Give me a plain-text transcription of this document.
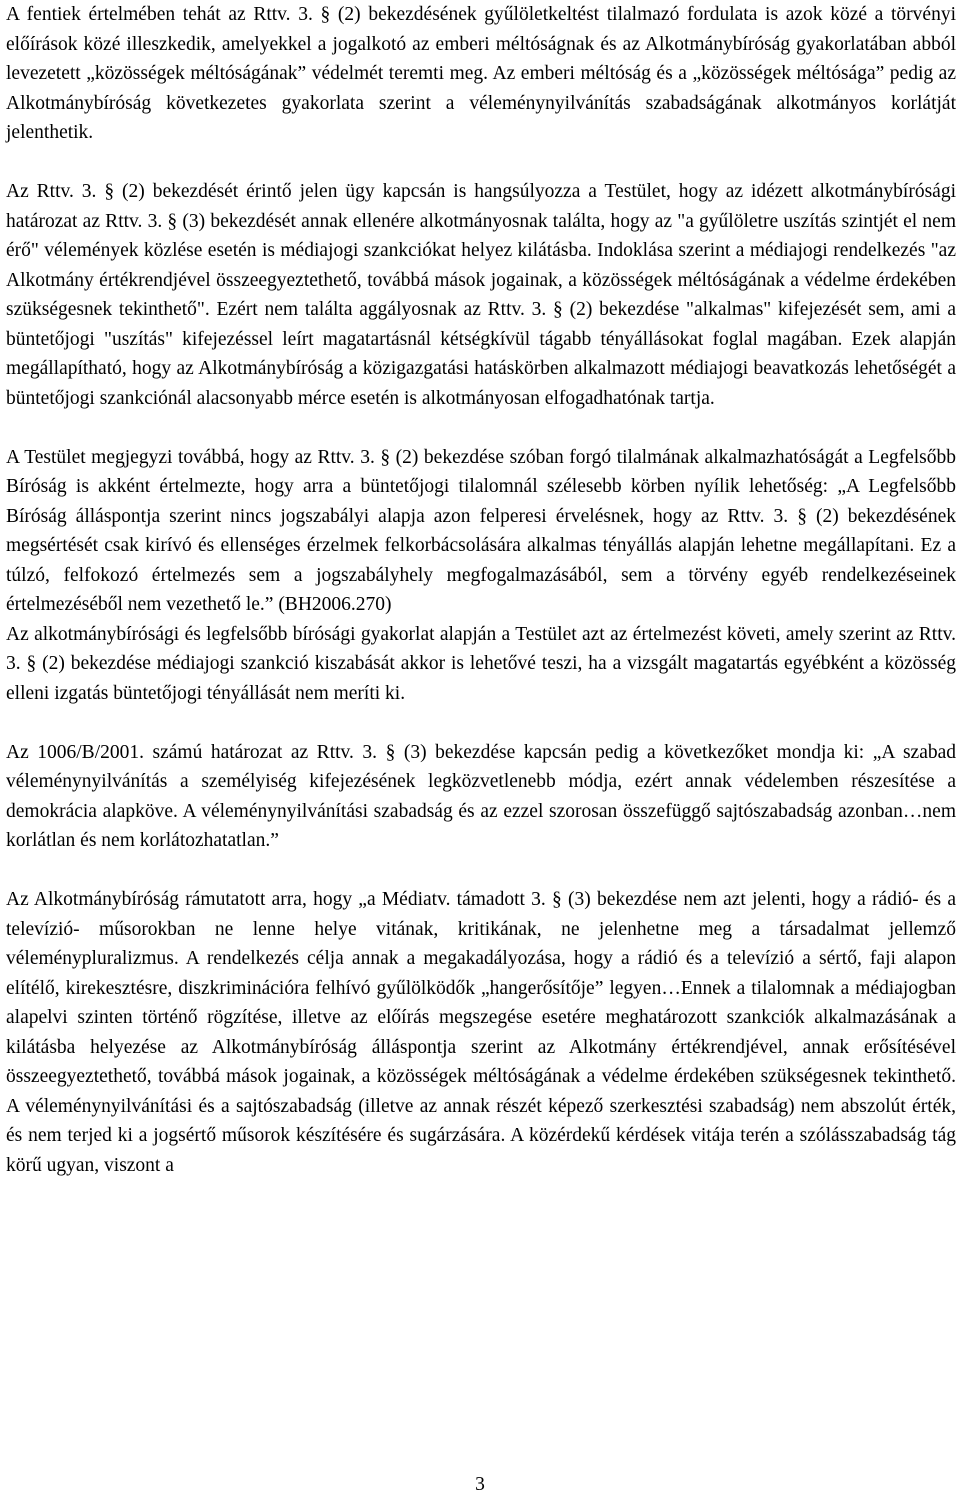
A fentiek értelmében tehát az Rttv. 3. § (2) bekezdésének gyűlöletkeltést tilalmazó fordulata is azok közé a törvényi előírások közé illeszkedik, amelyekkel a jogalkotó az emberi méltóságnak és az Alkotmánybíróság gyakorlatában abból levezetett „közösségek méltóságának” védelmét teremti meg. Az emberi méltóság és a „közösségek méltósága” pedig az Alkotmánybíróság következetes gyakorlata szerint a véleménynyilvánítás szabadságának alkotmányos korlátját jelenthetik.

Az Rttv. 3. § (2) bekezdését érintő jelen ügy kapcsán is hangsúlyozza a Testület, hogy az idézett alkotmánybírósági határozat az Rttv. 3. § (3) bekezdését annak ellenére alkotmányosnak találta, hogy az "a gyűlöletre uszítás szintjét el nem érő" vélemények közlése esetén is médiajogi szankciókat helyez kilátásba. Indoklása szerint a médiajogi rendelkezés "az Alkotmány értékrendjével összeegyeztethető, továbbá mások jogainak, a közösségek méltóságának a védelme érdekében szükségesnek tekinthető". Ezért nem találta aggályosnak az Rttv. 3. § (2) bekezdése "alkalmas" kifejezését sem, ami a büntetőjogi "uszítás" kifejezéssel leírt magatartásnál kétségkívül tágabb tényállásokat foglal magában. Ezek alapján megállapítható, hogy az Alkotmánybíróság a közigazgatási hatáskörben alkalmazott médiajogi beavatkozás lehetőségét a büntetőjogi szankciónál alacsonyabb mérce esetén is alkotmányosan elfogadhatónak tartja.

A Testület megjegyzi továbbá, hogy az Rttv. 3. § (2) bekezdése szóban forgó tilalmának alkalmazhatóságát a Legfelsőbb Bíróság is akként értelmezte, hogy arra a büntetőjogi tilalomnál szélesebb körben nyílik lehetőség: „A Legfelsőbb Bíróság álláspontja szerint nincs jogszabályi alapja azon felperesi érvelésnek, hogy az Rttv. 3. § (2) bekezdésének megsértését csak kirívó és ellenséges érzelmek felkorbácsolására alkalmas tényállás alapján lehetne megállapítani. Ez a túlzó, felfokozó értelmezés sem a jogszabályhely megfogalmazásából, sem a törvény egyéb rendelkezéseinek értelmezéséből nem vezethető le.” (BH2006.270)

Az alkotmánybírósági és legfelsőbb bírósági gyakorlat alapján a Testület azt az értelmezést követi, amely szerint az Rttv. 3. § (2) bekezdése médiajogi szankció kiszabását akkor is lehetővé teszi, ha a vizsgált magatartás egyébként a közösség elleni izgatás büntetőjogi tényállását nem meríti ki.

Az 1006/B/2001. számú határozat az Rttv. 3. § (3) bekezdése kapcsán pedig a következőket mondja ki: „A szabad véleménynyilvánítás a személyiség kifejezésének legközvetlenebb módja, ezért annak védelemben részesítése a demokrácia alapköve. A véleménynyilvánítási szabadság és az ezzel szorosan összefüggő sajtószabadság azonban…nem korlátlan és nem korlátozhatatlan.”

Az Alkotmánybíróság rámutatott arra, hogy „a Médiatv. támadott 3. § (3) bekezdése nem azt jelenti, hogy a rádió- és a televízió- műsorokban ne lenne helye vitának, kritikának, ne jelenhetne meg a társadalmat jellemző véleménypluralizmus. A rendelkezés célja annak a megakadályozása, hogy a rádió és a televízió a sértő, faji alapon elítélő, kirekesztésre, diszkriminációra felhívó gyűlölködők „hangerősítője” legyen…Ennek a tilalomnak a médiajogban alapelvi szinten történő rögzítése, illetve az előírás megszegése esetére meghatározott szankciók alkalmazásának a kilátásba helyezése az Alkotmánybíróság álláspontja szerint az Alkotmány értékrendjével, annak erősítésével összeegyeztethető, továbbá mások jogainak, a közösségek méltóságának a védelme érdekében szükségesnek tekinthető. A véleménynyilvánítási és a sajtószabadság (illetve az annak részét képező szerkesztési szabadság) nem abszolút érték, és nem terjed ki a jogsértő műsorok készítésére és sugárzására. A közérdekű kérdések vitája terén a szólásszabadság tág körű ugyan, viszont a

3
